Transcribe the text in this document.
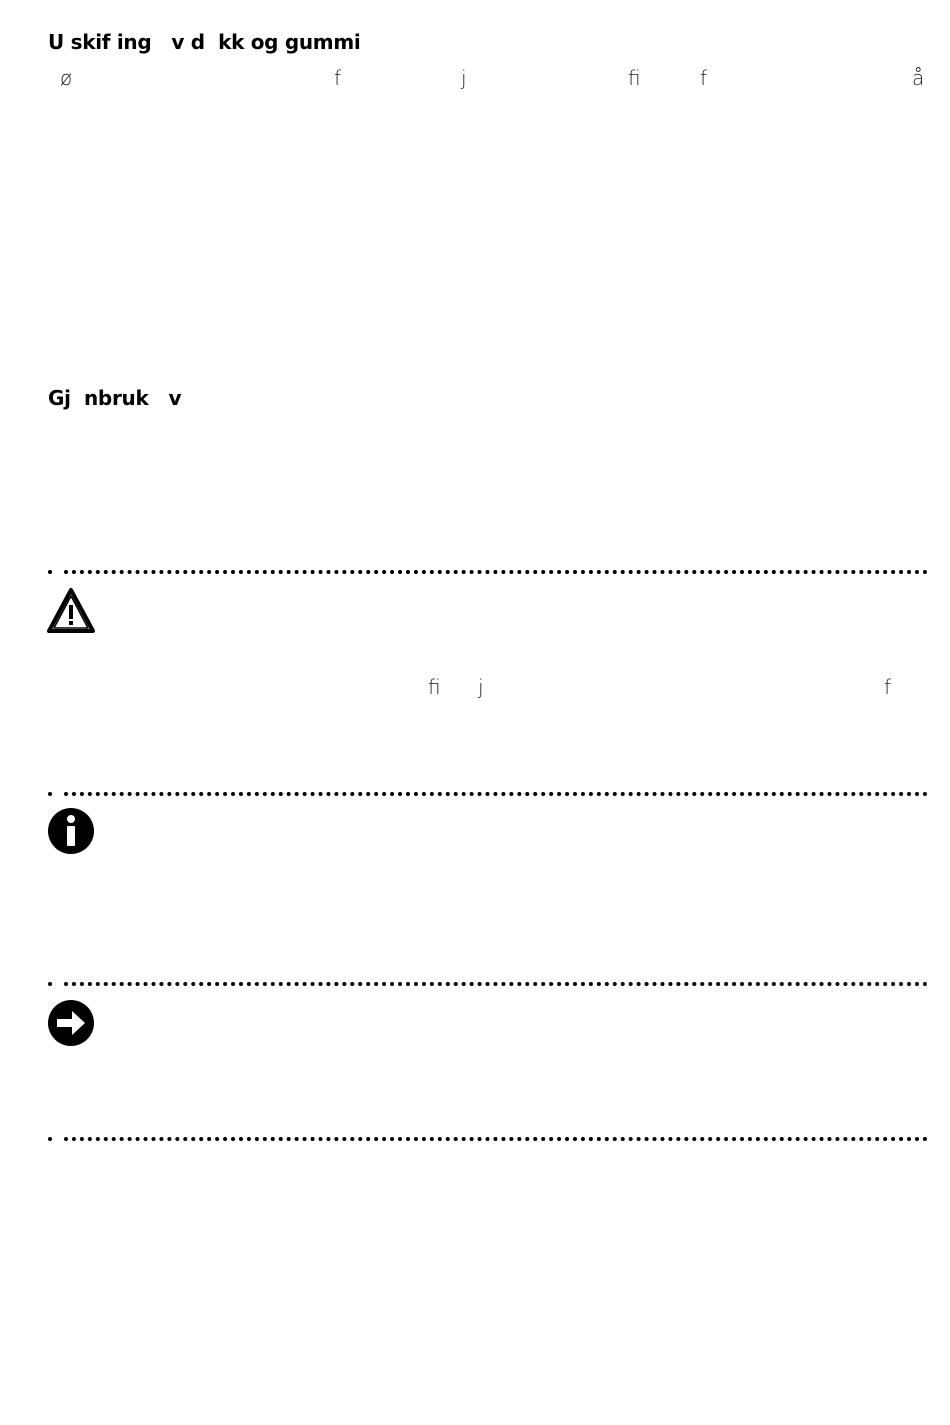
U skif ing   v d  kk og gummi
ø	f	j	fi	f	å
Gj  nbruk   v
fi j	f
